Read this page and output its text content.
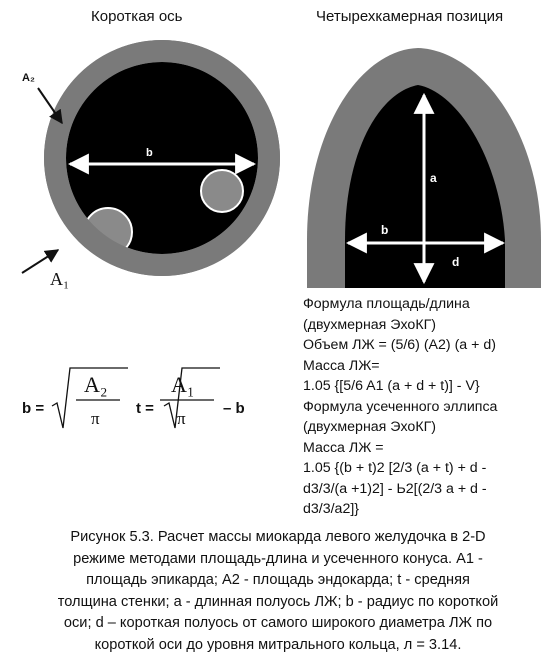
Короткая ось	Четырехкамерная позиция
b
A₂
A₁
a
b
d
b =
A₂
π
t =
A₁
π
– b
Формула площадь/длина
(двухмерная ЭхоКГ)
Объем ЛЖ = (5/6) (A2) (a + d)
Масса ЛЖ=
1.05 {[5/6 A1 (a + d + t)] - V}
Формула усеченного эллипса
(двухмерная ЭхоКГ)
Масса ЛЖ =
1.05 {(b + t)2 [2/3 (a + t) + d -
d3/3/(a +1)2] - Ь2[(2/3 a + d -
d3/3/a2]}
Рисунок 5.3. Расчет массы миокарда левого желудочка в 2-D
режиме методами площадь-длина и усеченного конуса. А1 -
площадь эпикарда; А2 - площадь эндокарда; t - средняя
толщина стенки; а - длинная полуось ЛЖ; b - радиус по короткой
оси; d – короткая полуось от самого широкого диаметра ЛЖ по
короткой оси до уровня митрального кольца, л = 3.14.
